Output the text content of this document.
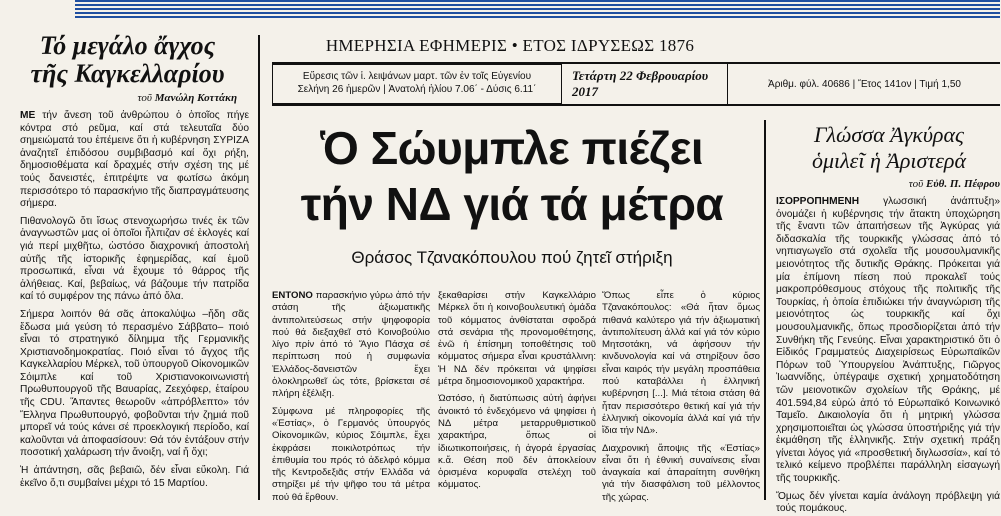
Τό μεγάλο ἄγχος
τῆς Καγκελλαρίου
τοῦ Μανώλη Κοττάκη

ΜΕ τήν ἄνεση τοῦ ἀνθρώπου ὁ ὁποῖος πήγε κόντρα στό ρεῦμα, καί στά τελευταῖα δύο σημειώματά του ἐπέμεινε ὅτι ἡ κυβέρνηση ΣΥΡΙΖΑ ἀναζητεῖ ἐπιδόσου συμβιβασμό καί ὄχι ρήξη, δημοσιοθέματα καί δραχμές στήν σχέση της μέ τούς δανειστές, ἐπιτρέψτε να φωτίσω ἀκόμη περισσότερο τό παρασκήνιο τῆς διαπραγμάτευσης σήμερα.

Πιθανολογῶ ὅτι ἴσως στενοχωρήσω τινές ἐκ τῶν ἀναγνωστῶν μας οἱ ὁποῖοι ἦλπιζαν σέ ἐκλογές καί γιά περί μιχθῆτω, ὡστόσο διαχρονική ἀποστολή αὐτῆς τῆς ἱστορικῆς ἐφημερίδας, καί ἐμοῦ προσωπικά, εἶναι νά ἔχουμε τό θάρρος τῆς ἀλήθειας. Καί, βεβαίως, νά βάζουμε τήν πατρίδα καί τό συμφέρον της πάνω ἀπό ὅλα.

Σήμερα λοιπόν θά σᾶς ἀποκαλύψω –ἤδη σᾶς ἔδωσα μιά γεύση τό περασμένο Σάββατο– ποιό εἶναι τό στρατηγικό δίλημμα τῆς Γερμανικῆς Χριστιανοδημοκρατίας. Ποιό εἶναι τό ἄγχος τῆς Καγκελλαρίου Μέρκελ, τοῦ ὑπουργοῦ Οἰκονομικῶν Σόιμπλε καί τοῦ Χριστιανοκοινωνιστή Πρωθυπουργοῦ τῆς Βαυαρίας, Ζεεχόφερ, ἑταίρου τῆς CDU. Ἅπαντες θεωροῦν «ἀπρόβλεπτο» τόν Ἕλληνα Πρωθυπουργό, φοβοῦνται τήν ζημιά ποῦ μπορεῖ νά τούς κάνει σέ προεκλογική περίοδο, καί καλοῦνται νά ἀποφασίσουν: Θά τόν ἐντάξουν στήν ποσοτική χαλάρωση τήν ἄνοιξη, ναί ἤ ὄχι;

Ἡ ἀπάντηση, σᾶς βεβαιῶ, δέν εἶναι εὔκολη. Γιά ἐκεῖνο ὅ,τι συμβαίνει μέχρι τό 15 Μαρτίου.

ΗΜΕΡΗΣΙΑ ΕΦΗΜΕΡΙΣ • ΕΤΟΣ ΙΔΡΥΣΕΩΣ 1876
Εὕρεσις τῶν ἱ. λειψάνων μαρτ. τῶν ἐν τοῖς Εὐγενίου
Σελήνη 26 ἡμερῶν | Ἀνατολή ἡλίου 7.06΄ - Δύσις 6.11΄
Τετάρτη 22 Φεβρουαρίου 2017	Ἀριθμ. φύλ. 40686 | Ἔτος 141ον | Τιμή 1,50
Ὁ Σώυμπλε πιέζει
τήν ΝΔ γιά τά μέτρα
Θράσος Τζανακόπουλου πού ζητεῖ στήριξη

ΕΝΤΟΝΟ παρασκήνιο γύρω ἀπό τήν στάση τῆς ἀξιωματικῆς ἀντιπολιτεύσεως στήν ψηφοφορία πού θά διεξαχθεῖ στό Κοινοβούλιο λίγο πρίν ἀπό τό Ἅγιο Πάσχα σέ περίπτωση πού ἡ συμφωνία Ἑλλάδος-δανειστῶν ἔχει ὁλοκληρωθεῖ ὡς τότε, βρίσκεται σέ πλήρη ἐξέλιξη.

Σύμφωνα μέ πληροφορίες τῆς «Ἑστίας», ὁ Γερμανός ὑπουργός Οἰκονομικῶν, κύριος Σόιμπλε, ἔχει ἐκφράσει ποικιλοτρόπως τήν ἐπιθυμία του πρός τό ἀδελφό κόμμα τῆς Κεντροδεξιᾶς στήν Ἑλλάδα νά στηρίξει μέ τήν ψῆφο του τά μέτρα πού θά ἔρθουν.

ξεκαθαρίσει στήν Καγκελλάριο Μέρκελ ὅτι ἡ κοινοβουλευτική ὁμάδα τοῦ κόμματος ἀνθίσταται σφοδρά στά σενάρια τῆς προνομοθέτησης, ἐνῶ ἡ ἐπίσημη τοποθέτησις τοῦ κόμματος σήμερα εἶναι κρυστάλλινη: Ἡ ΝΔ δέν πρόκειται νά ψηφίσει μέτρα δημοσιονομικοῦ χαρακτήρα.

Ὡστόσο, ἡ διατύπωσις αὐτή ἀφήνει ἀνοικτό τό ἐνδεχόμενο νά ψηφίσει ἡ ΝΔ μέτρα μεταρρυθμιστικοῦ χαρακτήρα, ὅπως οἱ ἰδιωτικοποιήσεις, ἡ ἀγορά ἐργασίας κ.ἄ. Θέση ποῦ δέν ἀποκλείουν ὁρισμένα κορυφαῖα στελέχη τοῦ κόμματος.

Ὅπως εἶπε ὁ κύριος Τζανακόπουλος: «Θά ἦταν ὅμως πιθανά καλύτερο γιά τήν ἀξιωματική ἀντιπολίτευση ἀλλά καί γιά τόν κύριο Μητσοτάκη, νά ἀφήσουν τήν κινδυνολογία καί νά στηρίξουν ὅσο εἶναι καιρός τήν μεγάλη προσπάθεια πού καταβάλλει ἡ ἑλληνική κυβέρνηση [...]. Μιά τέτοια στάση θά ἦταν περισσότερο θετική καί γιά τήν ἑλληνική οἰκονομία ἀλλά καί γιά τήν ἴδια τήν ΝΔ».

Διαχρονική ἄποψις τῆς «Ἑστίας» εἶναι ὅτι ἡ ἐθνική συναίνεσις εἶναι ἀναγκαία καί ἀπαραίτητη συνθήκη γιά τήν διασφάλιση τοῦ μέλλοντος τῆς χώρας.

Γλώσσα Ἀγκύρας
ὁμιλεῖ ἡ Ἀριστερά
τοῦ Εὐθ. Π. Πέφρου

ΙΣΟΡΡΟΠΗΜΕΝΗ γλωσσική ἀνάπτυξη» ὀνομάζει ἡ κυβέρνησις τήν ἄτακτη ὑποχώρηση τῆς ἔναντι τῶν ἀπαιτήσεων τῆς Ἀγκύρας γιά διδασκαλία τῆς τουρκικῆς γλώσσας ἀπό τό νηπιαγωγεῖο στά σχολεῖα τῆς μουσουλμανικῆς μειονότητος τῆς δυτικῆς Θράκης. Πρόκειται γιά μία ἐπίμονη πίεση πού προκαλεῖ τούς μακροπρόθεσμους στόχους τῆς πολιτικῆς τῆς Τουρκίας, ἡ ὁποία ἐπιδιώκει τήν ἀναγνώριση τῆς μειονότητος ὡς τουρκικῆς καί ὄχι μουσουλμανικῆς, ὅπως προσδιορίζεται ἀπό τήν Συνθήκη τῆς Γενεύης. Εἶναι χαρακτηριστικό ὅτι ὁ Εἰδικός Γραμματεύς Διαχειρίσεως Εὐρωπαϊκῶν Πόρων τοῦ Ὑπουργείου Ἀνάπτυξης, Γιῶργος Ἰωαννίδης, ὑπέγραψε σχετική χρηματοδότηση τῶν μειονοτικῶν σχολείων τῆς Θράκης, μέ 401.594,84 εὐρώ ἀπό τό Εὐρωπαϊκό Κοινωνικό Ταμεῖο. Δικαιολογία ὅτι ἡ μητρική γλώσσα χρησιμοποιεῖται ὡς γλώσσα ὑποστήριξης γιά τήν ἐκμάθηση τῆς ἑλληνικῆς. Στήν σχετική πράξη γίνεται λόγος γιά «προσθετική διγλωσσία», καί τό τελικό κείμενο προβλέπει παράλληλη εἰσαγωγή τῆς τουρκικῆς.

Ὅμως δέν γίνεται καμία ἀνάλογη πρόβλεψη γιά τούς πομάκους.
